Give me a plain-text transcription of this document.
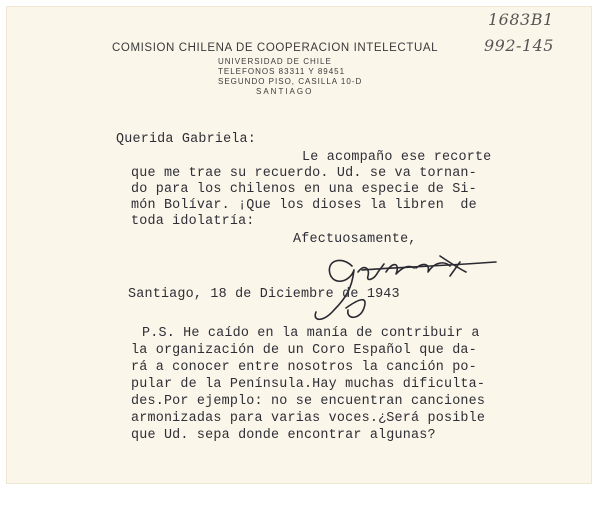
1683B1
992-145
COMISION CHILENA DE COOPERACION INTELECTUAL
UNIVERSIDAD DE CHILE
TELEFONOS 83311 Y 89451
SEGUNDO PISO, CASILLA 10-D
SANTIAGO
Querida Gabriela:
Le acompaño ese recorte
que me trae su recuerdo. Ud. se va tornan-
do para los chilenos en una especie de Si-
món Bolívar. ¡Que los dioses la libren  de
toda idolatría:
Afectuosamente,
Santiago, 18 de Diciembre de 1943
P.S. He caído en la manía de contribuir a
la organización de un Coro Español que da-
rá a conocer entre nosotros la canción po-
pular de la Península.Hay muchas dificulta-
des.Por ejemplo: no se encuentran canciones
armonizadas para varias voces.¿Será posible
que Ud. sepa donde encontrar algunas?
